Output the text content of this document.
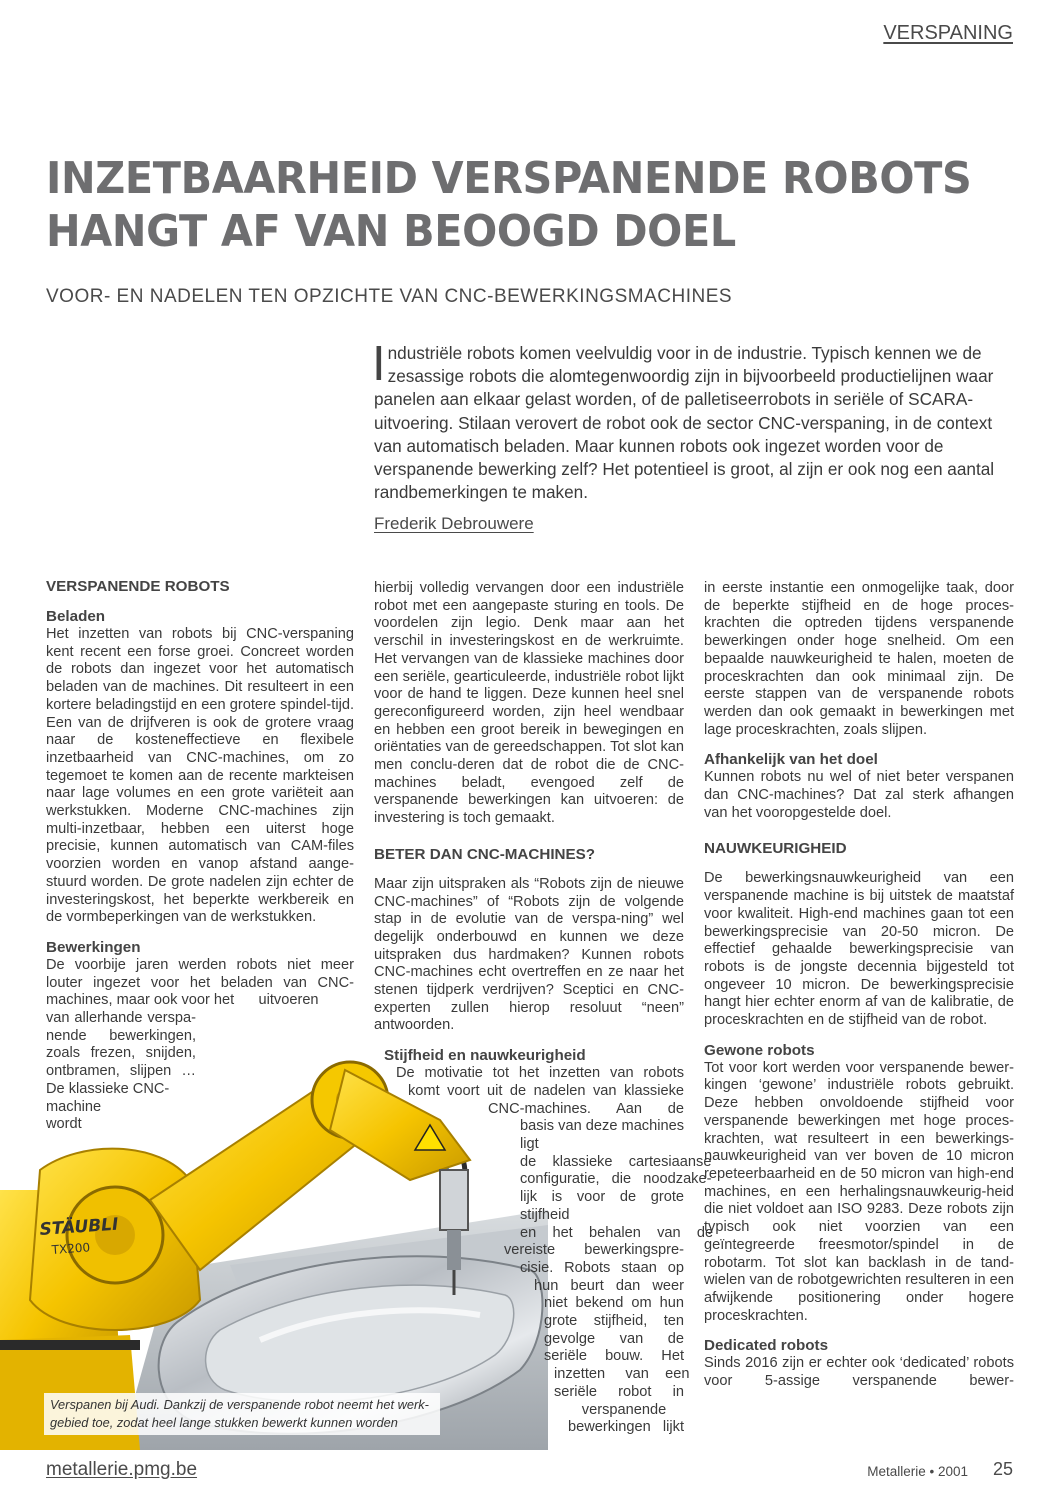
VERSPANING
INZETBAARHEID VERSPANENDE ROBOTS
HANGT AF VAN BEOOGD DOEL
VOOR- EN NADELEN TEN OPZICHTE VAN CNC-BEWERKINGSMACHINES
I ndustriële robots komen veelvuldig voor in de industrie. Typisch kennen we de zesassige robots die alomtegenwoordig zijn in bijvoorbeeld productielijnen waar panelen aan elkaar gelast worden, of de palletiseerrobots in seriële of SCARA-uitvoering. Stilaan verovert de robot ook de sector CNC-verspaning, in de context van automatisch beladen. Maar kunnen robots ook ingezet worden voor de verspanende bewerking zelf? Het potentieel is groot, al zijn er ook nog een aantal randbemerkingen te maken.
Frederik Debrouwere
VERSPANENDE ROBOTS
Beladen

Het inzetten van robots bij CNC-verspaning kent recent een forse groei. Concreet worden de robots dan ingezet voor het automatisch beladen van de machines. Dit resulteert in een kortere beladingstijd en een grotere spindel-tijd. Een van de drijfveren is ook de grotere vraag naar de kosteneffectieve en flexibele inzetbaarheid van CNC-machines, om zo tegemoet te komen aan de recente markteisen naar lage volumes en een grote variëteit aan werkstukken. Moderne CNC-machines zijn multi-inzetbaar, hebben een uiterst hoge precisie, kunnen automatisch van CAM-files voorzien worden en vanop afstand aange-stuurd worden. De grote nadelen zijn echter de investeringskost, het beperkte werkbereik en de vormbeperkingen van de werkstukken.

Bewerkingen
De voorbije jaren werden robots niet meer
louter ingezet voor het beladen van CNC-
machines, maar ook voor het      uitvoeren
van allerhande verspa-
nende    bewerkingen,
zoals frezen, snijden,
ontbramen, slijpen …
De klassieke CNC-
machine
wordt
STÄUBLI
TX200
Verspanen bij Audi. Dankzij de verspanende robot neemt het werk-gebied toe, zodat heel lange stukken bewerkt kunnen worden

hierbij volledig vervangen door een industriële robot met een aangepaste sturing en tools. De voordelen zijn legio. Denk maar aan het verschil in investeringskost en de werkruimte. Het vervangen van de klassieke machines door een seriële, gearticuleerde, industriële robot lijkt voor de hand te liggen. Deze kunnen heel snel gereconfigureerd worden, zijn heel wendbaar en hebben een groot bereik in bewegingen en oriëntaties van de gereedschappen. Tot slot kan men conclu-deren dat de robot die de CNC-machines beladt, evengoed zelf de verspanende bewerkingen kan uitvoeren: de investering is toch gemaakt.

BETER DAN CNC-MACHINES?

Maar zijn uitspraken als “Robots zijn de nieuwe CNC-machines” of “Robots zijn de volgende stap in de evolutie van de verspa-ning” wel degelijk onderbouwd en kunnen we deze uitspraken dus hardmaken? Kunnen robots CNC-machines echt overtreffen en ze naar het stenen tijdperk verdrijven? Sceptici en CNC-experten zullen hierop resoluut “neen” antwoorden.

Stijfheid en nauwkeurigheid
De motivatie tot het inzetten van robots
komt voort uit de nadelen van klassieke
CNC-machines.    Aan    de
basis van deze machines ligt
de    klassieke    cartesiaanse
configuratie,   die   noodzake-
lijk is voor de grote stijfheid
en    het    behalen    van    de
vereiste      bewerkingspre-
cisie.  Robots  staan  op
hun  beurt  dan  weer
niet bekend om hun
grote   stijfheid,   ten
gevolge     van     de
seriële   bouw.   Het
inzetten     van    een
seriële     robot     in
verspanende
bewerkingen lijkt

in eerste instantie een onmogelijke taak, door de beperkte stijfheid en de hoge proces-krachten die optreden tijdens verspanende bewerkingen onder hoge snelheid. Om een bepaalde nauwkeurigheid te halen, moeten de proceskrachten dan ook minimaal zijn. De eerste stappen van de verspanende robots werden dan ook gemaakt in bewerkingen met lage proceskrachten, zoals slijpen.

Afhankelijk van het doel

Kunnen robots nu wel of niet beter verspanen dan CNC-machines? Dat zal sterk afhangen van het vooropgestelde doel.

NAUWKEURIGHEID

De bewerkingsnauwkeurigheid van een verspanende machine is bij uitstek de maatstaf voor kwaliteit. High-end machines gaan tot een bewerkingsprecisie van 20-50 micron. De effectief gehaalde bewerkingsprecisie van robots is de jongste decennia bijgesteld tot ongeveer 10 micron. De bewerkingsprecisie hangt hier echter enorm af van de kalibratie, de proceskrachten en de stijfheid van de robot.

Gewone robots

Tot voor kort werden voor verspanende bewer-kingen ‘gewone’ industriële robots gebruikt. Deze hebben onvoldoende stijfheid voor verspanende bewerkingen met hoge proces-krachten, wat resulteert in een bewerkings-nauwkeurigheid van ver boven de 10 micron repeteerbaarheid en de 50 micron van high-end machines, en een herhalingsnauwkeurig-heid die niet voldoet aan ISO 9283. Deze robots zijn typisch ook niet voorzien van een geïntegreerde freesmotor/spindel in de robotarm. Tot slot kan backlash in de tand-wielen van de robotgewrichten resulteren in een afwijkende positionering onder hogere proceskrachten.

Dedicated robots

Sinds 2016 zijn er echter ook ‘dedicated’ robots voor 5-assige verspanende bewer-

metallerie.pmg.be	Metallerie • 2001 25
